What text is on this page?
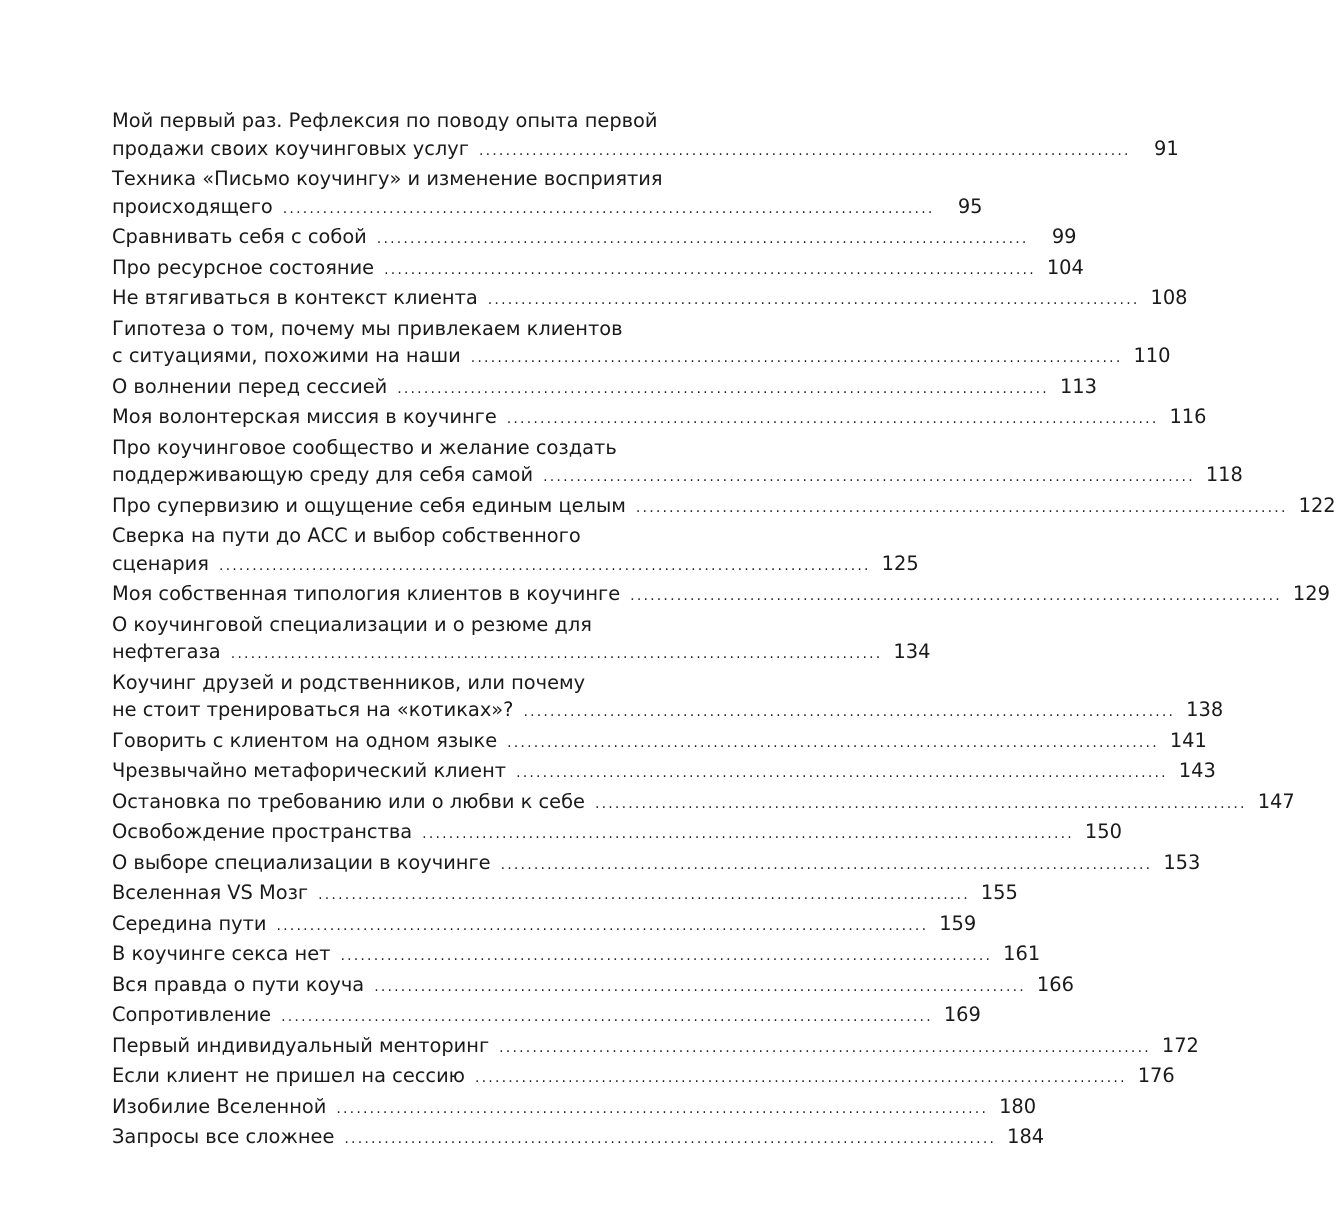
Мой первый раз. Рефлексия по поводу опыта первой
продажи своих коучинговых услуг ..................................................................................................	91
Техника «Письмо коучингу» и изменение восприятия
происходящего ..................................................................................................	95
Сравнивать себя с собой ..................................................................................................	99
Про ресурсное состояние .................................................................................................. 104
Не втягиваться в контекст клиента .................................................................................................. 108
Гипотеза о том, почему мы привлекаем клиентов
с ситуациями, похожими на наши .................................................................................................. 110
О волнении перед сессией .................................................................................................. 113
Моя волонтерская миссия в коучинге .................................................................................................. 116
Про коучинговое сообщество и желание создать
поддерживающую среду для себя самой .................................................................................................. 118
Про супервизию и ощущение себя единым целым .................................................................................................. 122
Сверка на пути до АСС и выбор собственного
сценария .................................................................................................. 125
Моя собственная типология клиентов в коучинге .................................................................................................. 129
О коучинговой специализации и о резюме для
нефтегаза .................................................................................................. 134
Коучинг друзей и родственников, или почему
не стоит тренироваться на «котиках»? .................................................................................................. 138
Говорить с клиентом на одном языке .................................................................................................. 141
Чрезвычайно метафорический клиент .................................................................................................. 143
Остановка по требованию или о любви к себе .................................................................................................. 147
Освобождение пространства .................................................................................................. 150
О выборе специализации в коучинге .................................................................................................. 153
Вселенная VS Мозг .................................................................................................. 155
Середина пути .................................................................................................. 159
В коучинге секса нет .................................................................................................. 161
Вся правда о пути коуча .................................................................................................. 166
Сопротивление .................................................................................................. 169
Первый индивидуальный менторинг .................................................................................................. 172
Если клиент не пришел на сессию .................................................................................................. 176
Изобилие Вселенной .................................................................................................. 180
Запросы все сложнее .................................................................................................. 184
